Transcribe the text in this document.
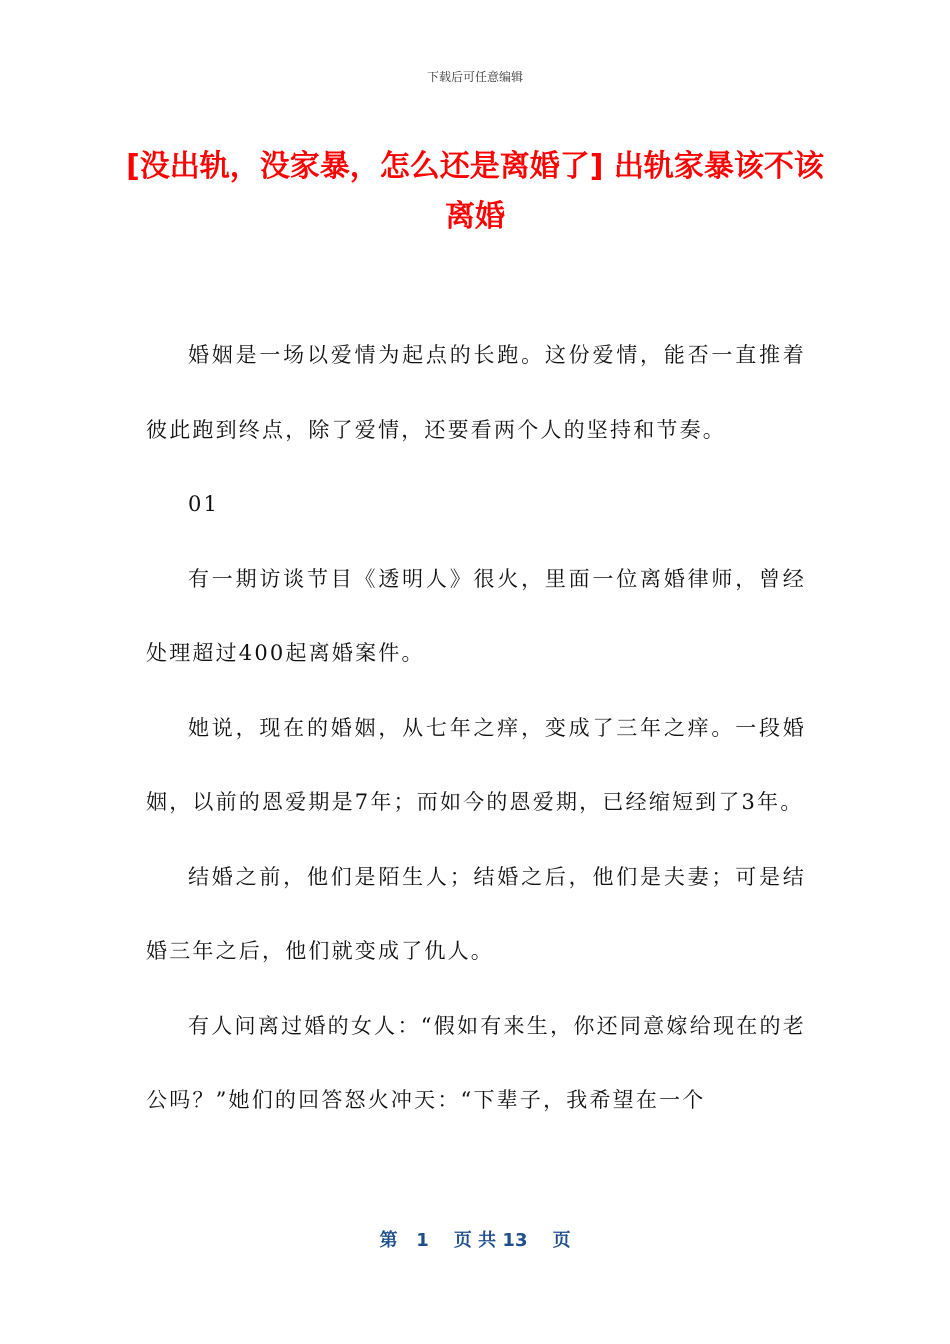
下载后可任意编辑
[没出轨，没家暴，怎么还是离婚了] 出轨家暴该不该离婚

婚姻是一场以爱情为起点的长跑。这份爱情，能否一直推着彼此跑到终点，除了爱情，还要看两个人的坚持和节奏。

01

有一期访谈节目《透明人》很火，里面一位离婚律师，曾经处理超过400起离婚案件。

她说，现在的婚姻，从七年之痒，变成了三年之痒。一段婚姻，以前的恩爱期是7年；而如今的恩爱期，已经缩短到了3年。

结婚之前，他们是陌生人；结婚之后，他们是夫妻；可是结婚三年之后，他们就变成了仇人。

有人问离过婚的女人：“假如有来生，你还同意嫁给现在的老公吗？”她们的回答怒火冲天：“下辈子，我希望在一个

第 1 页 共 13 页
